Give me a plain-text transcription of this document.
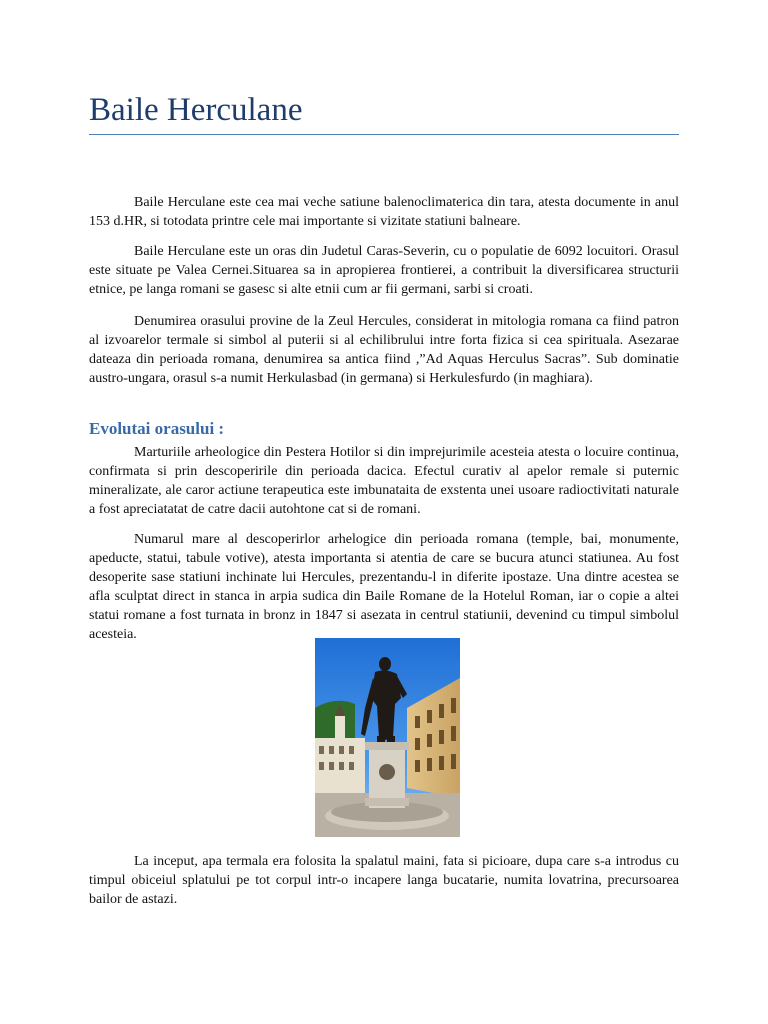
Baile Herculane

Baile Herculane este cea mai veche satiune balenoclimaterica din tara, atesta documente in anul 153 d.HR, si totodata printre cele mai importante si vizitate statiuni balneare.

Baile Herculane este un oras din Judetul Caras-Severin, cu o populatie de 6092 locuitori. Orasul este situate pe Valea Cernei.Situarea sa in apropierea frontierei, a contribuit la diversificarea structurii etnice, pe langa romani se gasesc si alte etnii cum ar fii germani, sarbi si croati.

Denumirea orasului provine de la Zeul Hercules, considerat in mitologia romana ca fiind patron al izvoarelor termale si simbol al puterii si al echilibrului intre forta fizica si cea spirituala. Asezarae dateaza din perioada romana, denumirea sa antica fiind ,”Ad Aquas Herculus Sacras”. Sub dominatie austro-ungara, orasul s-a numit Herkulasbad (in germana) si Herkulesfurdo (in maghiara).

Evolutai orasului :

Marturiile arheologice din Pestera Hotilor si din imprejurimile acesteia atesta o locuire continua, confirmata si prin descoperirile din perioada dacica. Efectul curativ al apelor remale si puternic mineralizate, ale caror actiune terapeutica este imbunataita de exstenta unei usoare radioctivitati naturale a fost apreciatatat de catre dacii autohtone cat si de romani.

Numarul mare al descoperirlor arhelogice din perioada romana (temple, bai, monumente, apeducte, statui, tabule votive), atesta importanta si atentia de care se bucura atunci statiunea. Au fost desoperite sase statiuni inchinate lui Hercules, prezentandu-l in diferite ipostaze. Una dintre acestea se afla sculptat direct in stanca in arpia sudica din Baile Romane de la Hotelul Roman, iar o copie a altei statui romane a fost turnata in bronz in 1847 si asezata in centrul statiunii, devenind cu timpul simbolul acesteia.

La inceput, apa termala era folosita la spalatul maini, fata si picioare, dupa care s-a introdus cu timpul obiceiul splatului pe tot corpul intr-o incapere langa bucatarie, numita lovatrina, precursoarea bailor de astazi.
